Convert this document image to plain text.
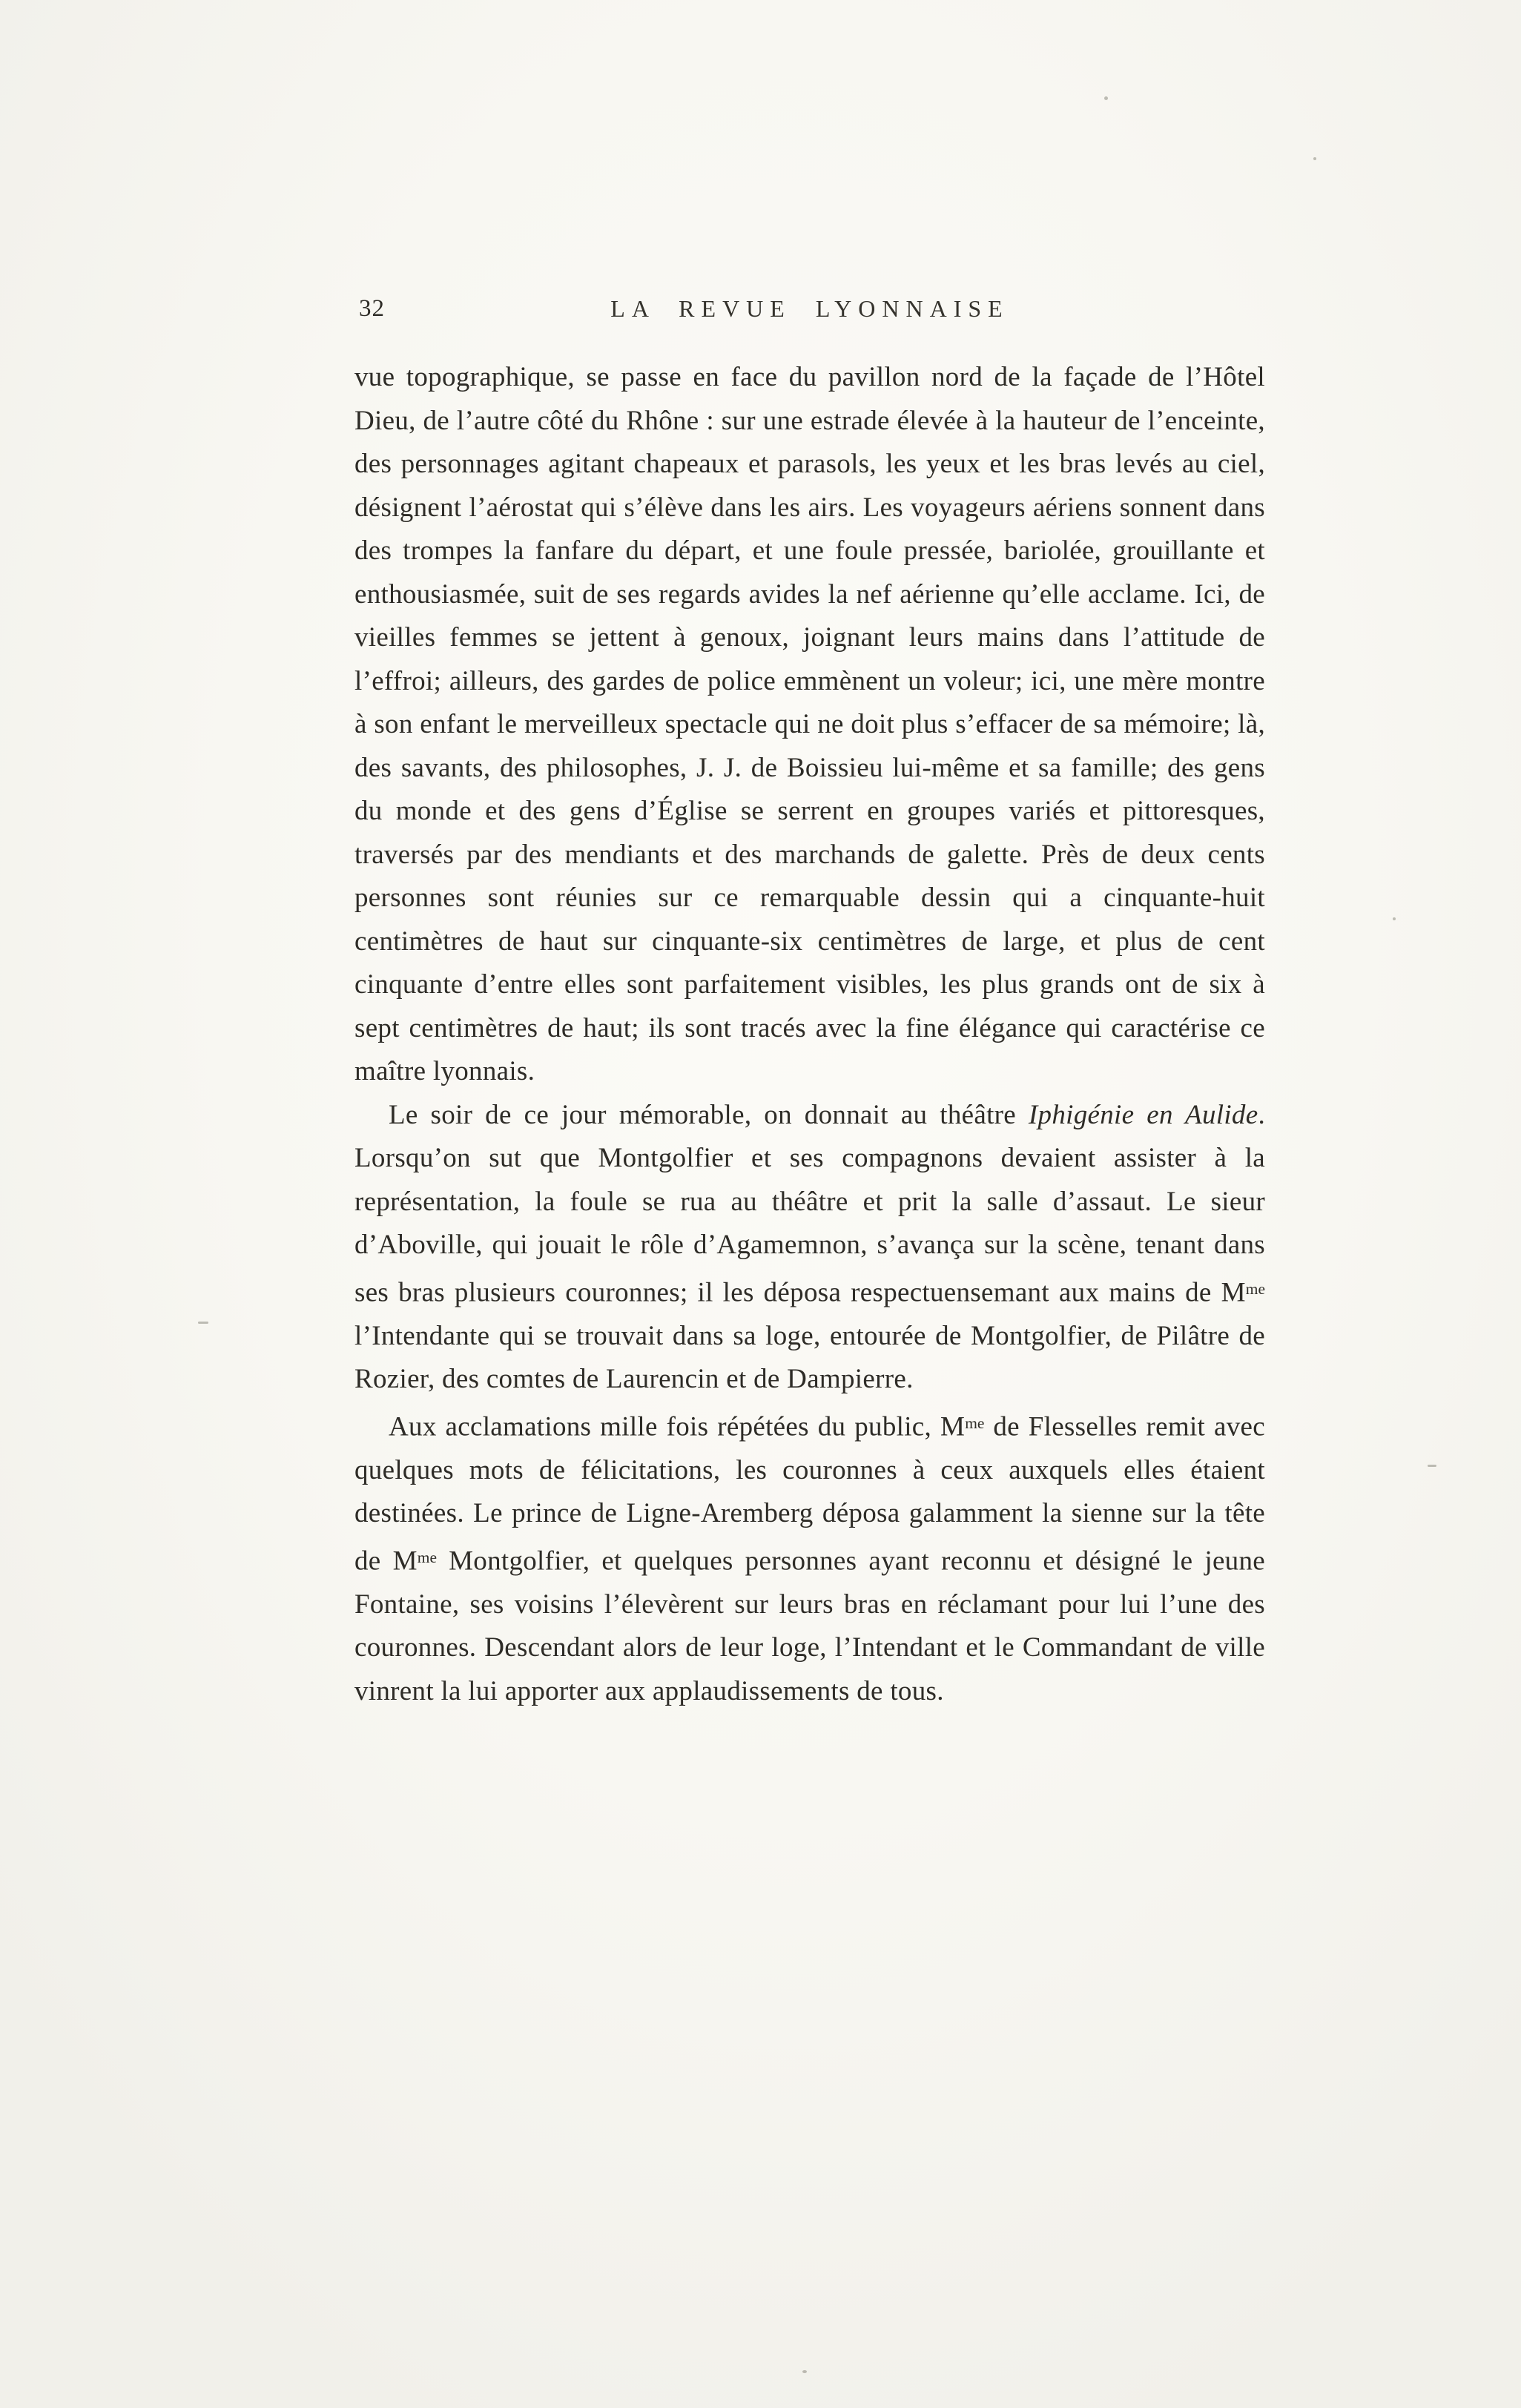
32	LA REVUE LYONNAISE

vue topographique, se passe en face du pavillon nord de la façade de l’Hôtel Dieu, de l’autre côté du Rhône : sur une estrade élevée à la hauteur de l’enceinte, des personnages agitant chapeaux et parasols, les yeux et les bras levés au ciel, désignent l’aérostat qui s’élève dans les airs. Les voyageurs aériens sonnent dans des trompes la fanfare du départ, et une foule pressée, bariolée, grouillante et enthousiasmée, suit de ses regards avides la nef aérienne qu’elle acclame. Ici, de vieilles femmes se jettent à genoux, joignant leurs mains dans l’attitude de l’effroi; ailleurs, des gardes de police emmènent un voleur; ici, une mère montre à son enfant le merveilleux spectacle qui ne doit plus s’effacer de sa mémoire; là, des savants, des philosophes, J. J. de Boissieu lui-même et sa famille; des gens du monde et des gens d’Église se serrent en groupes variés et pittoresques, traversés par des mendiants et des marchands de galette. Près de deux cents personnes sont réunies sur ce remarquable dessin qui a cinquante-huit centimètres de haut sur cinquante-six centimètres de large, et plus de cent cinquante d’entre elles sont parfaitement visibles, les plus grands ont de six à sept centimètres de haut; ils sont tracés avec la fine élégance qui caractérise ce maître lyonnais.

Le soir de ce jour mémorable, on donnait au théâtre Iphigénie en Aulide. Lorsqu’on sut que Montgolfier et ses compagnons devaient assister à la représentation, la foule se rua au théâtre et prit la salle d’assaut. Le sieur d’Aboville, qui jouait le rôle d’Agamemnon, s’avança sur la scène, tenant dans ses bras plusieurs couronnes; il les déposa respectuensemant aux mains de $M^{me}$ l’Intendante qui se trouvait dans sa loge, entourée de Montgolfier, de Pilâtre de Rozier, des comtes de Laurencin et de Dampierre.

Aux acclamations mille fois répétées du public, $M^{me}$ de Flesselles remit avec quelques mots de félicitations, les couronnes à ceux auxquels elles étaient destinées. Le prince de Ligne-Aremberg déposa galamment la sienne sur la tête de $M^{me}$ Montgolfier, et quelques personnes ayant reconnu et désigné le jeune Fontaine, ses voisins l’élevèrent sur leurs bras en réclamant pour lui l’une des couronnes. Descendant alors de leur loge, l’Intendant et le Commandant de ville vinrent la lui apporter aux applaudissements de tous.
